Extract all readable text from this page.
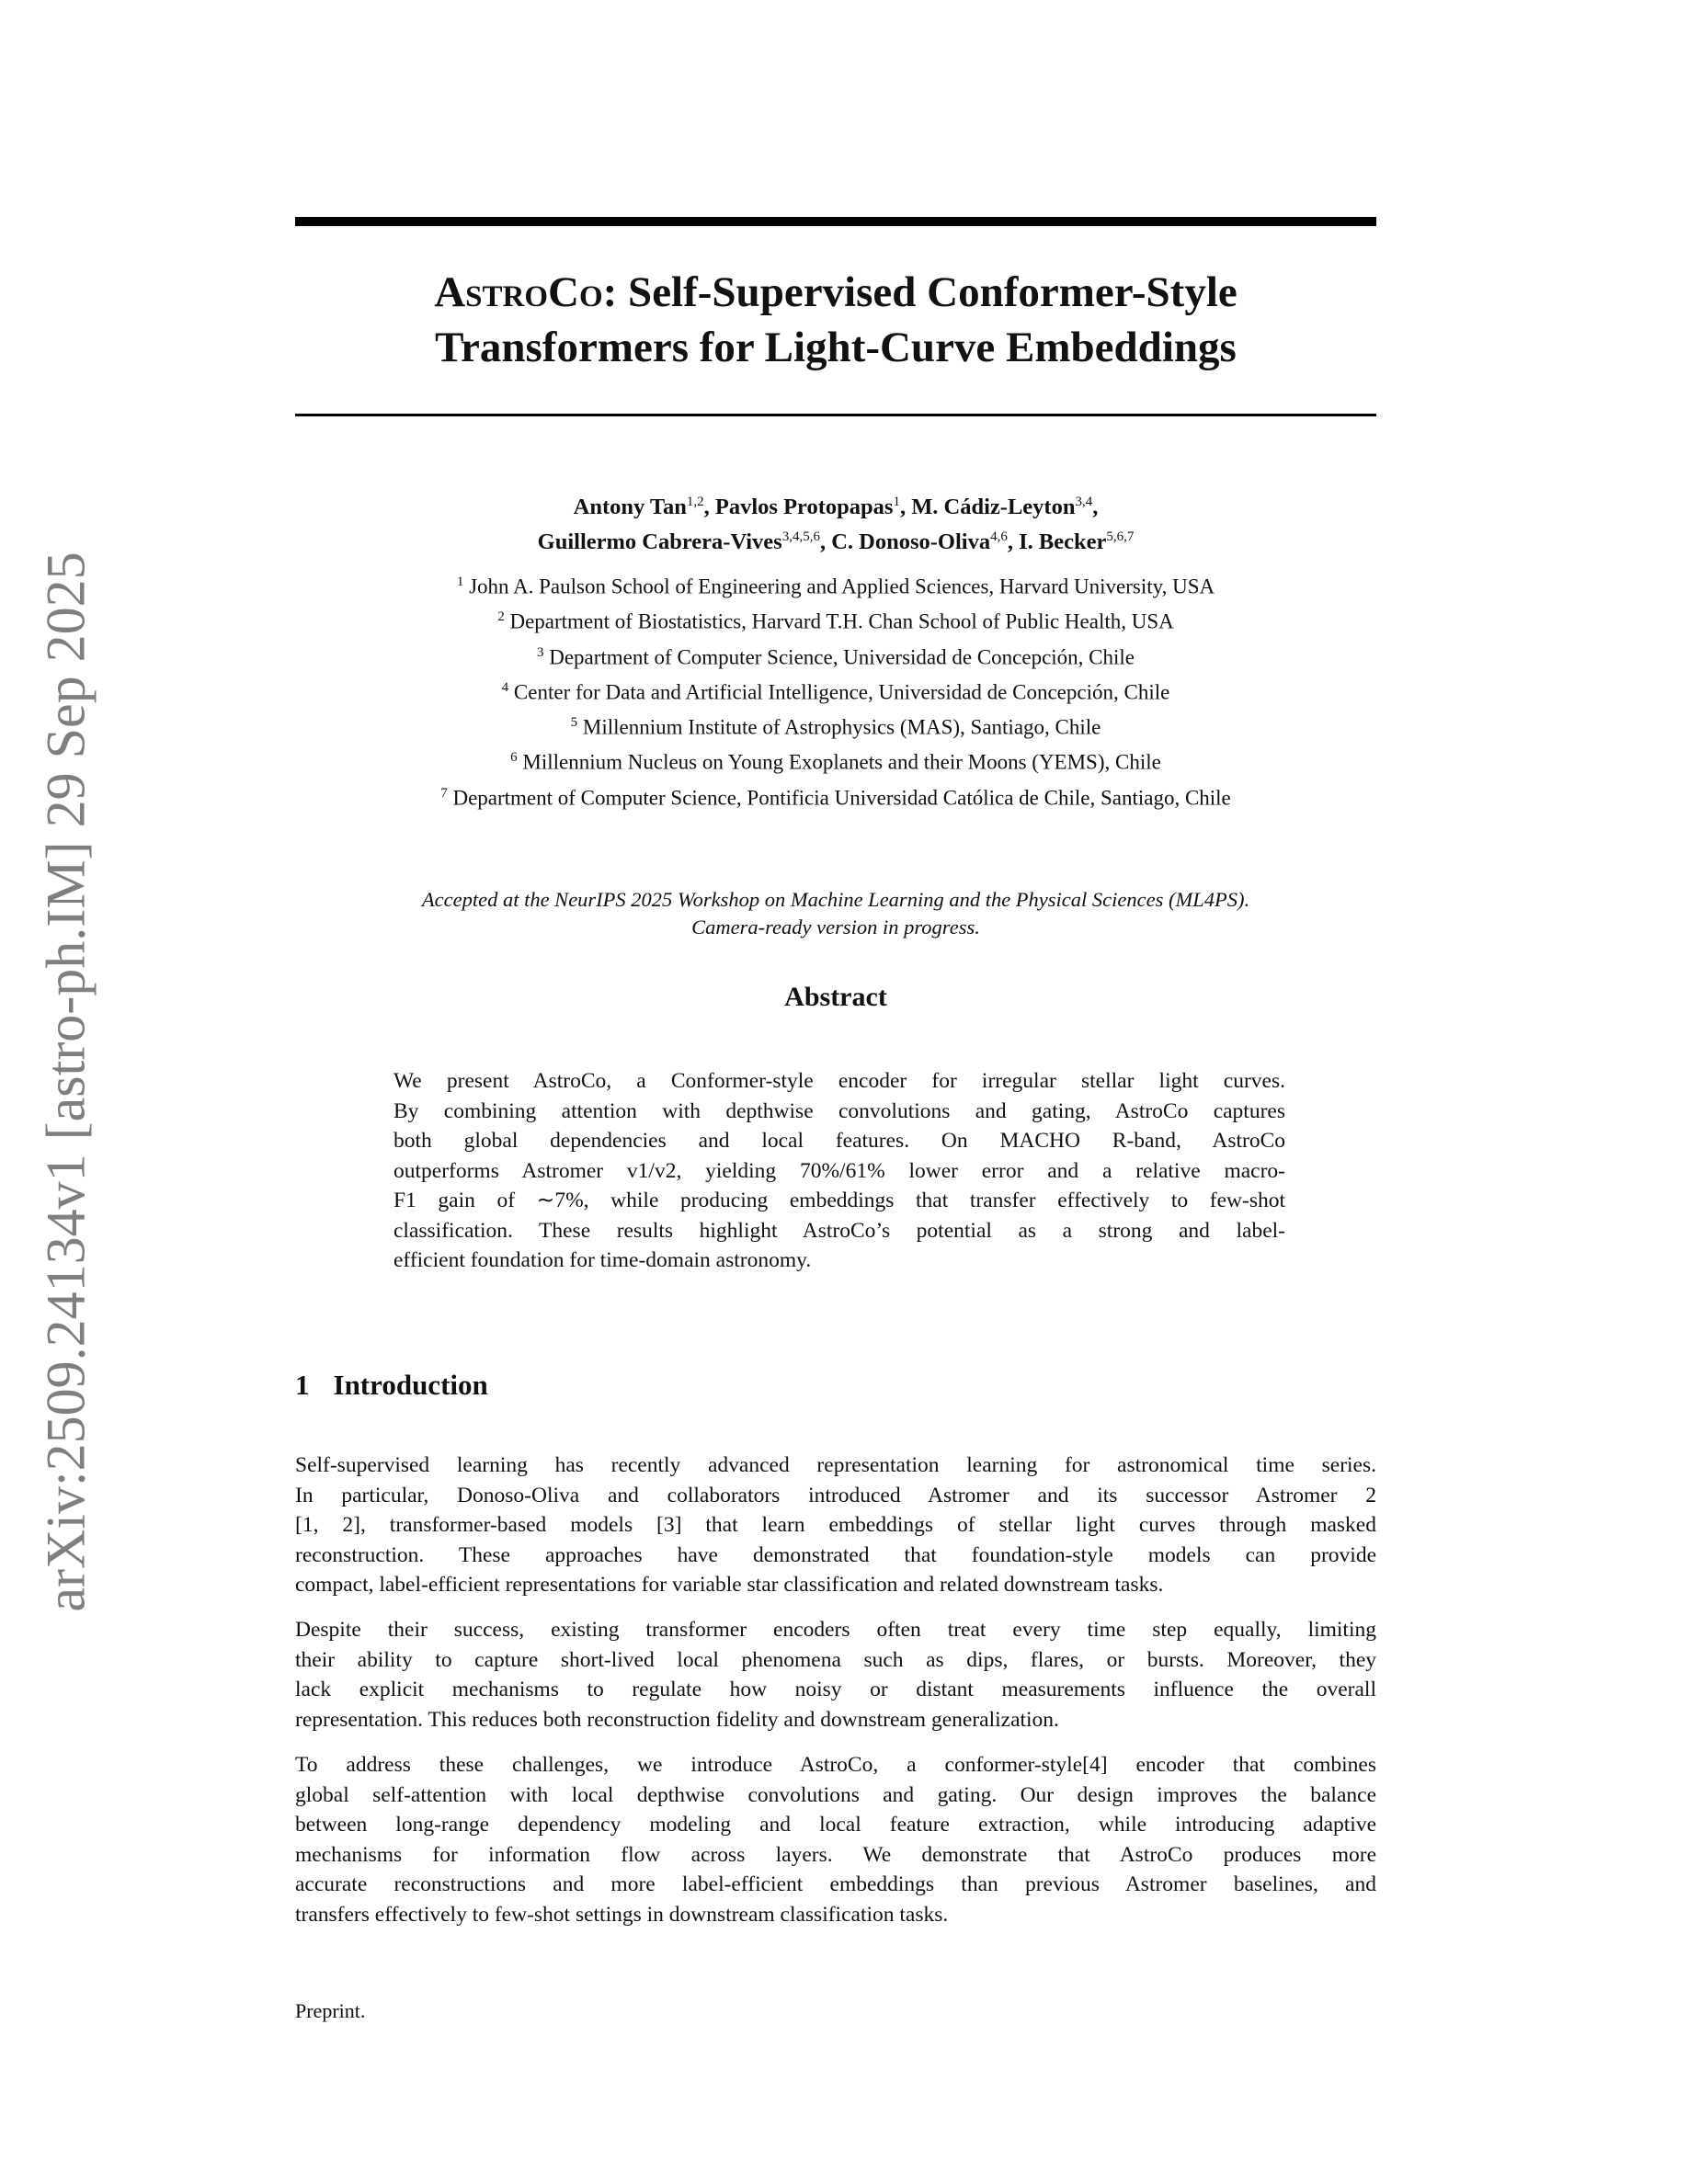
arXiv:2509.24134v1 [astro-ph.IM] 29 Sep 2025
AstroCo: Self-Supervised Conformer-Style
Transformers for Light-Curve Embeddings
Antony Tan$^{1,2}$, Pavlos Protopapas$^1$, M. Cádiz-Leyton$^{3,4}$,
Guillermo Cabrera-Vives$^{3,4,5,6}$, C. Donoso-Oliva$^{4,6}$, I. Becker$^{5,6,7}$
$^1$ John A. Paulson School of Engineering and Applied Sciences, Harvard University, USA
$^2$ Department of Biostatistics, Harvard T.H. Chan School of Public Health, USA
$^3$ Department of Computer Science, Universidad de Concepción, Chile
$^4$ Center for Data and Artificial Intelligence, Universidad de Concepción, Chile
$^5$ Millennium Institute of Astrophysics (MAS), Santiago, Chile
$^6$ Millennium Nucleus on Young Exoplanets and their Moons (YEMS), Chile
$^7$ Department of Computer Science, Pontificia Universidad Católica de Chile, Santiago, Chile
Accepted at the NeurIPS 2025 Workshop on Machine Learning and the Physical Sciences (ML4PS).
Camera-ready version in progress.
Abstract
We present AstroCo, a Conformer-style encoder for irregular stellar light curves.
By combining attention with depthwise convolutions and gating, AstroCo captures
both global dependencies and local features. On MACHO R-band, AstroCo
outperforms Astromer v1/v2, yielding 70%/61% lower error and a relative macro-
F1 gain of ∼7%, while producing embeddings that transfer effectively to few-shot
classification. These results highlight AstroCo’s potential as a strong and label-
efficient foundation for time-domain astronomy.
1 Introduction
Self-supervised learning has recently advanced representation learning for astronomical time series.
In particular, Donoso-Oliva and collaborators introduced Astromer and its successor Astromer 2
[1, 2], transformer-based models [3] that learn embeddings of stellar light curves through masked
reconstruction. These approaches have demonstrated that foundation-style models can provide
compact, label-efficient representations for variable star classification and related downstream tasks.
Despite their success, existing transformer encoders often treat every time step equally, limiting
their ability to capture short-lived local phenomena such as dips, flares, or bursts. Moreover, they
lack explicit mechanisms to regulate how noisy or distant measurements influence the overall
representation. This reduces both reconstruction fidelity and downstream generalization.
To address these challenges, we introduce AstroCo, a conformer-style[4] encoder that combines
global self-attention with local depthwise convolutions and gating. Our design improves the balance
between long-range dependency modeling and local feature extraction, while introducing adaptive
mechanisms for information flow across layers. We demonstrate that AstroCo produces more
accurate reconstructions and more label-efficient embeddings than previous Astromer baselines, and
transfers effectively to few-shot settings in downstream classification tasks.
Preprint.
